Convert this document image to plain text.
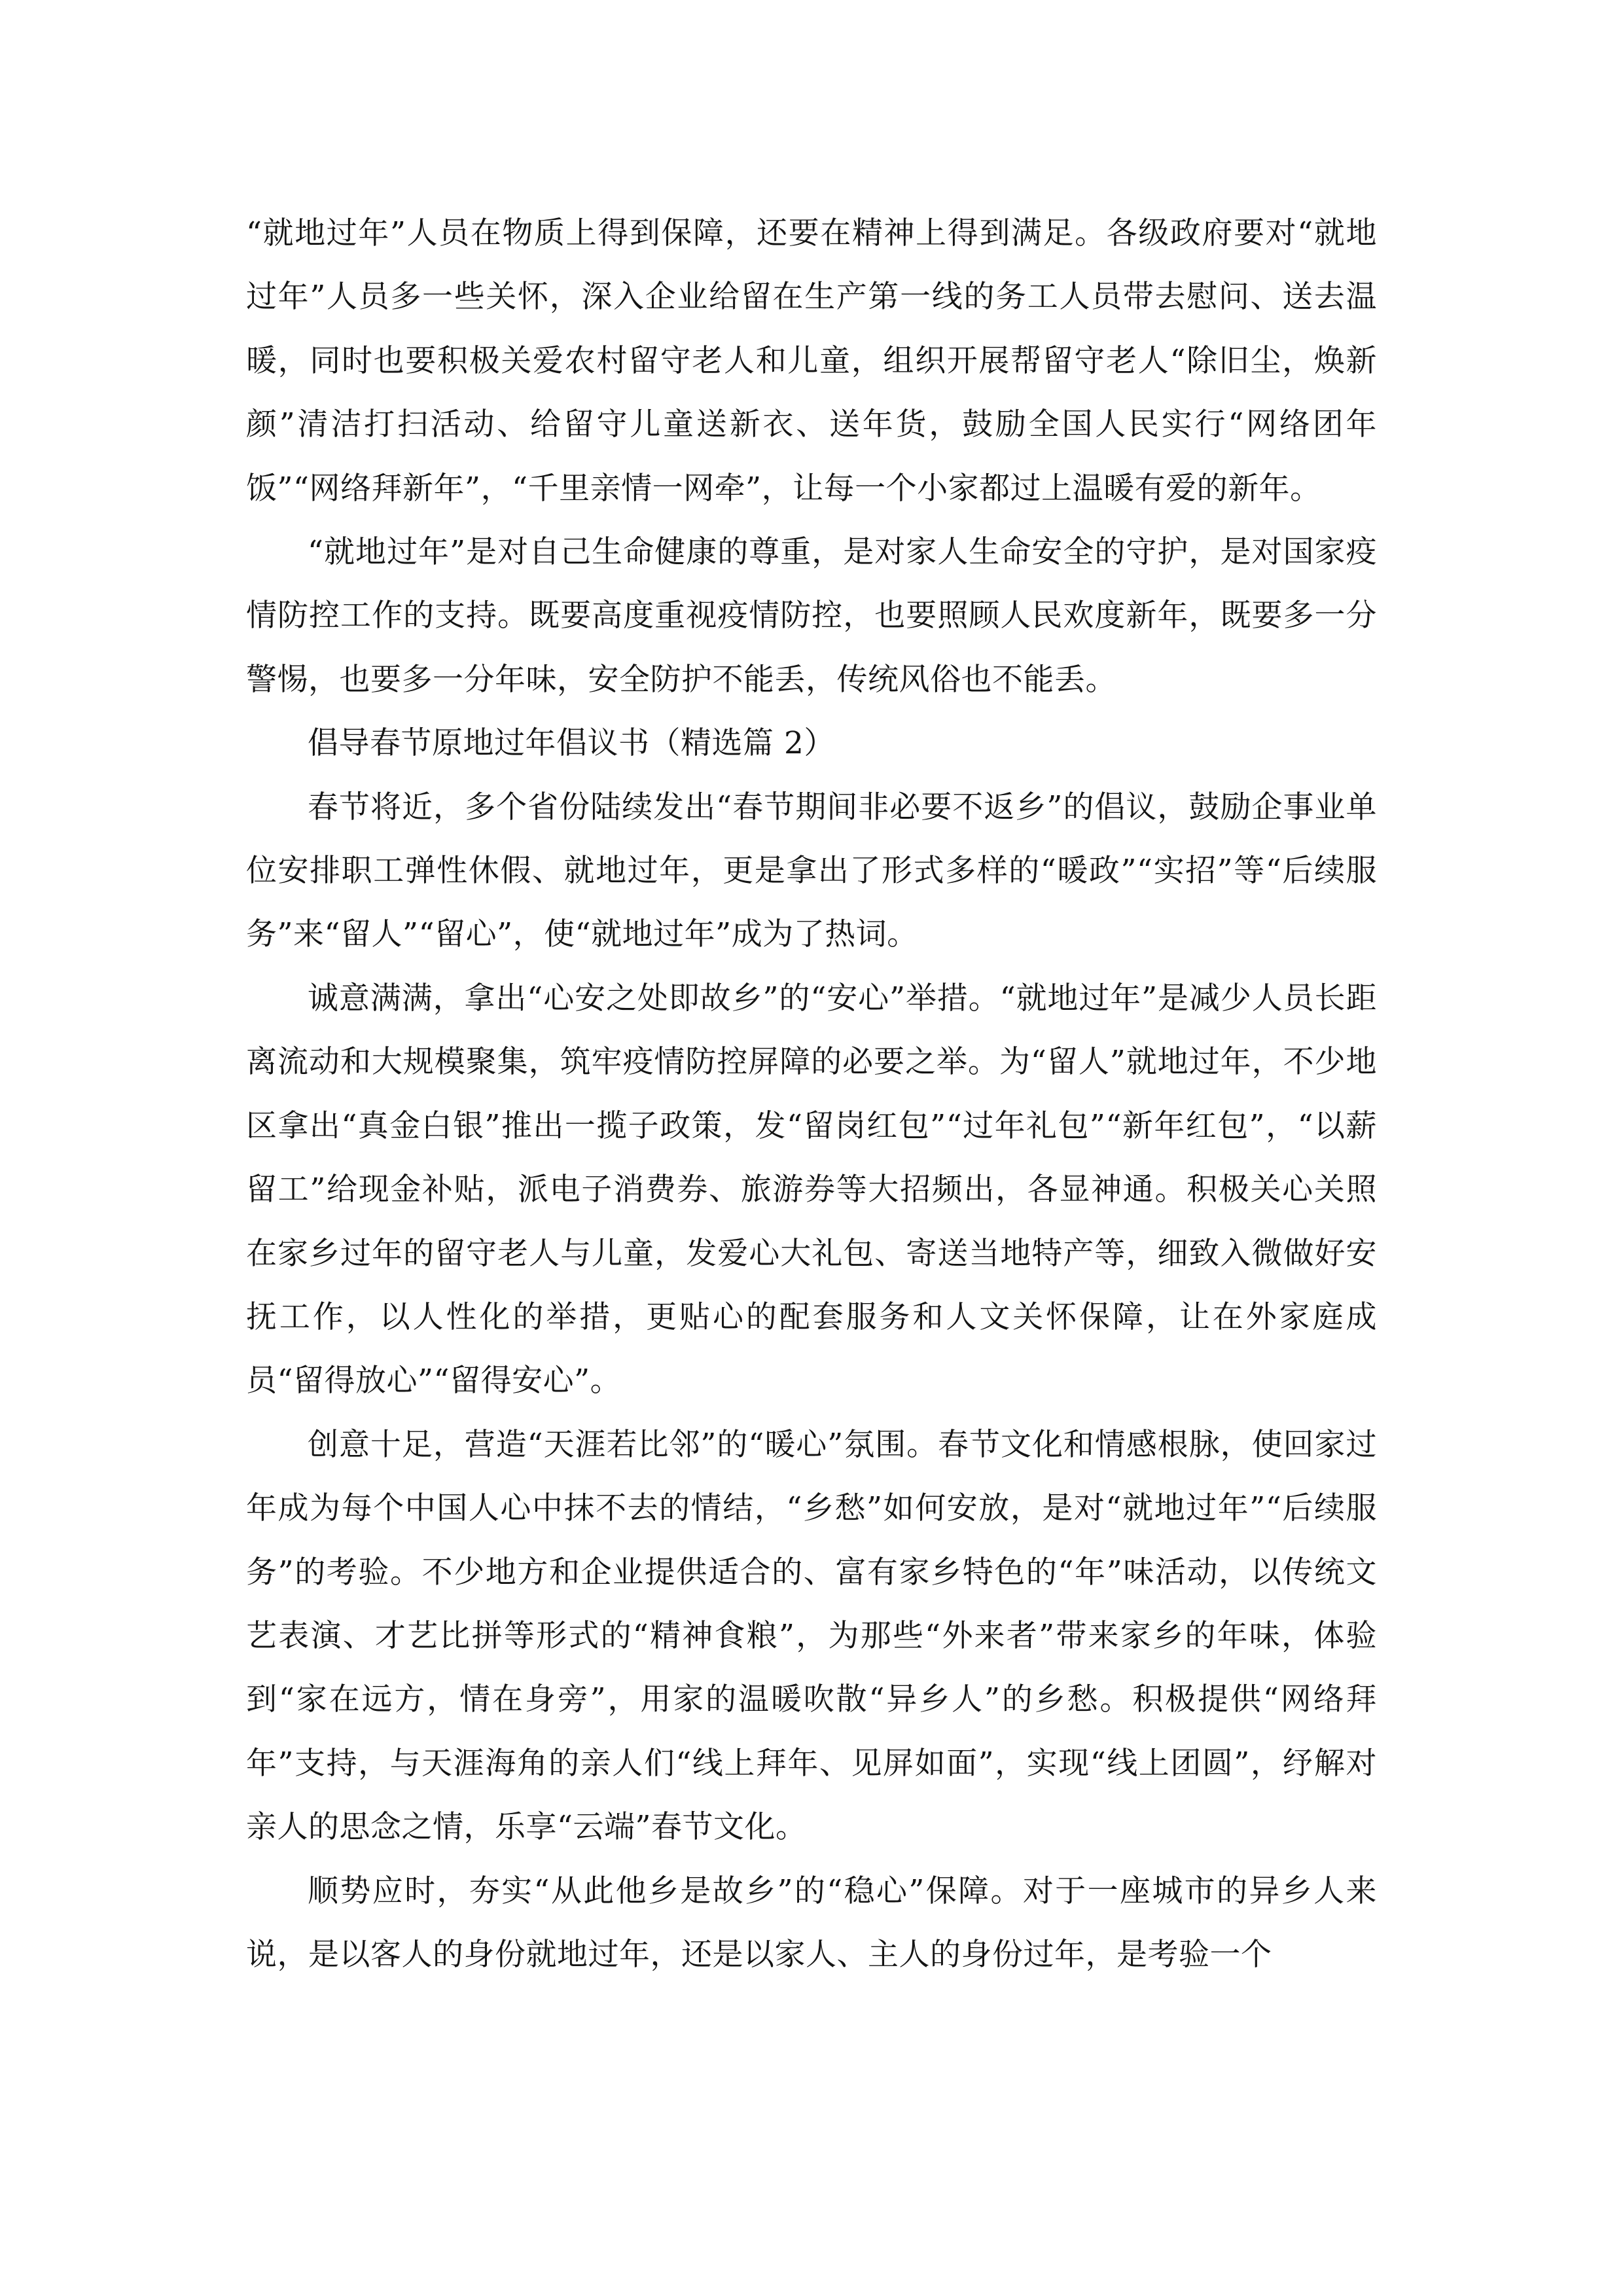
“就地过年”人员在物质上得到保障，还要在精神上得到满足。各级政府要对“就地过年”人员多一些关怀，深入企业给留在生产第一线的务工人员带去慰问、送去温暖，同时也要积极关爱农村留守老人和儿童，组织开展帮留守老人“除旧尘，焕新颜”清洁打扫活动、给留守儿童送新衣、送年货，鼓励全国人民实行“网络团年饭”“网络拜新年”，“千里亲情一网牵”，让每一个小家都过上温暖有爱的新年。

“就地过年”是对自己生命健康的尊重，是对家人生命安全的守护，是对国家疫情防控工作的支持。既要高度重视疫情防控，也要照顾人民欢度新年，既要多一分警惕，也要多一分年味，安全防护不能丢，传统风俗也不能丢。

倡导春节原地过年倡议书（精选篇 2）

春节将近，多个省份陆续发出“春节期间非必要不返乡”的倡议，鼓励企事业单位安排职工弹性休假、就地过年，更是拿出了形式多样的“暖政”“实招”等“后续服务”来“留人”“留心”，使“就地过年”成为了热词。

诚意满满，拿出“心安之处即故乡”的“安心”举措。“就地过年”是减少人员长距离流动和大规模聚集，筑牢疫情防控屏障的必要之举。为“留人”就地过年，不少地区拿出“真金白银”推出一揽子政策，发“留岗红包”“过年礼包”“新年红包”，“以薪留工”给现金补贴，派电子消费券、旅游券等大招频出，各显神通。积极关心关照在家乡过年的留守老人与儿童，发爱心大礼包、寄送当地特产等，细致入微做好安抚工作，以人性化的举措，更贴心的配套服务和人文关怀保障，让在外家庭成员“留得放心”“留得安心”。

创意十足，营造“天涯若比邻”的“暖心”氛围。春节文化和情感根脉，使回家过年成为每个中国人心中抹不去的情结，“乡愁”如何安放，是对“就地过年”“后续服务”的考验。不少地方和企业提供适合的、富有家乡特色的“年”味活动，以传统文艺表演、才艺比拼等形式的“精神食粮”，为那些“外来者”带来家乡的年味，体验到“家在远方，情在身旁”，用家的温暖吹散“异乡人”的乡愁。积极提供“网络拜年”支持，与天涯海角的亲人们“线上拜年、见屏如面”，实现“线上团圆”，纾解对亲人的思念之情，乐享“云端”春节文化。

顺势应时，夯实“从此他乡是故乡”的“稳心”保障。对于一座城市的异乡人来说，是以客人的身份就地过年，还是以家人、主人的身份过年，是考验一个
